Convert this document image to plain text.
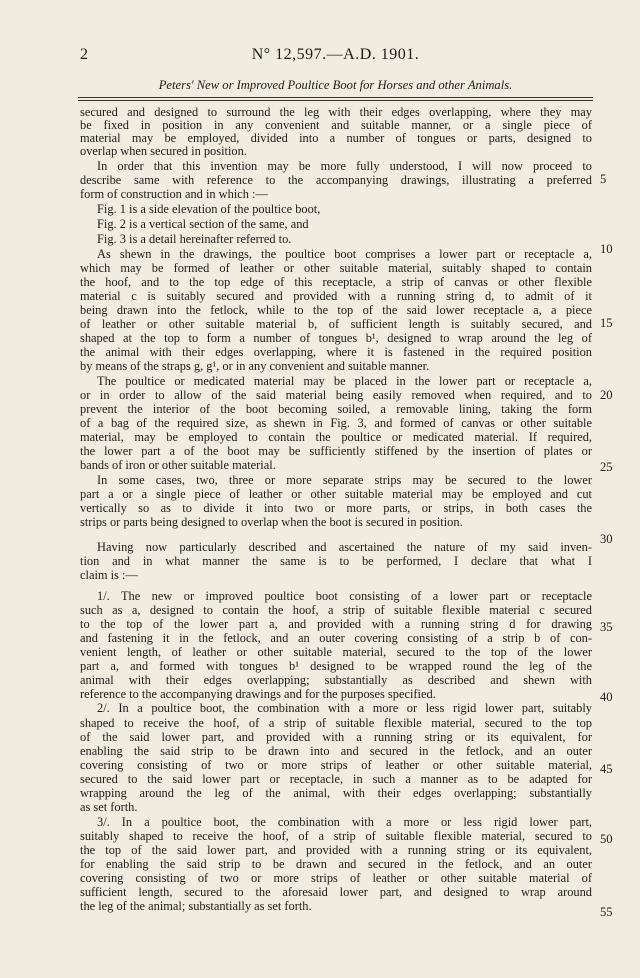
2	N° 12,597.—A.D. 1901.
Peters' New or Improved Poultice Boot for Horses and other Animals.
secured and designed to surround the leg with their edges overlapping, where they may
be fixed in position in any convenient and suitable manner, or a single piece of
material may be employed, divided into a number of tongues or parts, designed to
overlap when secured in position.
In order that this invention may be more fully understood, I will now proceed to
describe same with reference to the accompanying drawings, illustrating a preferred
form of construction and in which :—
Fig. 1 is a side elevation of the poultice boot,
Fig. 2 is a vertical section of the same, and
Fig. 3 is a detail hereinafter referred to.
As shewn in the drawings, the poultice boot comprises a lower part or receptacle a,
which may be formed of leather or other suitable material, suitably shaped to contain
the hoof, and to the top edge of this receptacle, a strip of canvas or other flexible
material c is suitably secured and provided with a running string d, to admit of it
being drawn into the fetlock, while to the top of the said lower receptacle a, a piece
of leather or other suitable material b, of sufficient length is suitably secured, and
shaped at the top to form a number of tongues b¹, designed to wrap around the leg of
the animal with their edges overlapping, where it is fastened in the required position
by means of the straps g, g¹, or in any convenient and suitable manner.
The poultice or medicated material may be placed in the lower part or receptacle a,
or in order to allow of the said material being easily removed when required, and to
prevent the interior of the boot becoming soiled, a removable lining, taking the form
of a bag of the required size, as shewn in Fig. 3, and formed of canvas or other suitable
material, may be employed to contain the poultice or medicated material. If required,
the lower part a of the boot may be sufficiently stiffened by the insertion of plates or
bands of iron or other suitable material.
In some cases, two, three or more separate strips may be secured to the lower
part a or a single piece of leather or other suitable material may be employed and cut
vertically so as to divide it into two or more parts, or strips, in both cases the
strips or parts being designed to overlap when the boot is secured in position.
Having now particularly described and ascertained the nature of my said inven-
tion and in what manner the same is to be performed, I declare that what I
claim is :—
1/. The new or improved poultice boot consisting of a lower part or receptacle
such as a, designed to contain the hoof, a strip of suitable flexible material c secured
to the top of the lower part a, and provided with a running string d for drawing
and fastening it in the fetlock, and an outer covering consisting of a strip b of con-
venient length, of leather or other suitable material, secured to the top of the lower
part a, and formed with tongues b¹ designed to be wrapped round the leg of the
animal with their edges overlapping; substantially as described and shewn with
reference to the accompanying drawings and for the purposes specified.
2/. In a poultice boot, the combination with a more or less rigid lower part, suitably
shaped to receive the hoof, of a strip of suitable flexible material, secured to the top
of the said lower part, and provided with a running string or its equivalent, for
enabling the said strip to be drawn into and secured in the fetlock, and an outer
covering consisting of two or more strips of leather or other suitable material,
secured to the said lower part or receptacle, in such a manner as to be adapted for
wrapping around the leg of the animal, with their edges overlapping; substantially
as set forth.
3/. In a poultice boot, the combination with a more or less rigid lower part,
suitably shaped to receive the hoof, of a strip of suitable flexible material, secured to
the top of the said lower part, and provided with a running string or its equivalent,
for enabling the said strip to be drawn and secured in the fetlock, and an outer
covering consisting of two or more strips of leather or other suitable material of
sufficient length, secured to the aforesaid lower part, and designed to wrap around
the leg of the animal; substantially as set forth.
5
10
15
20
25
30
35
40
45
50
55
